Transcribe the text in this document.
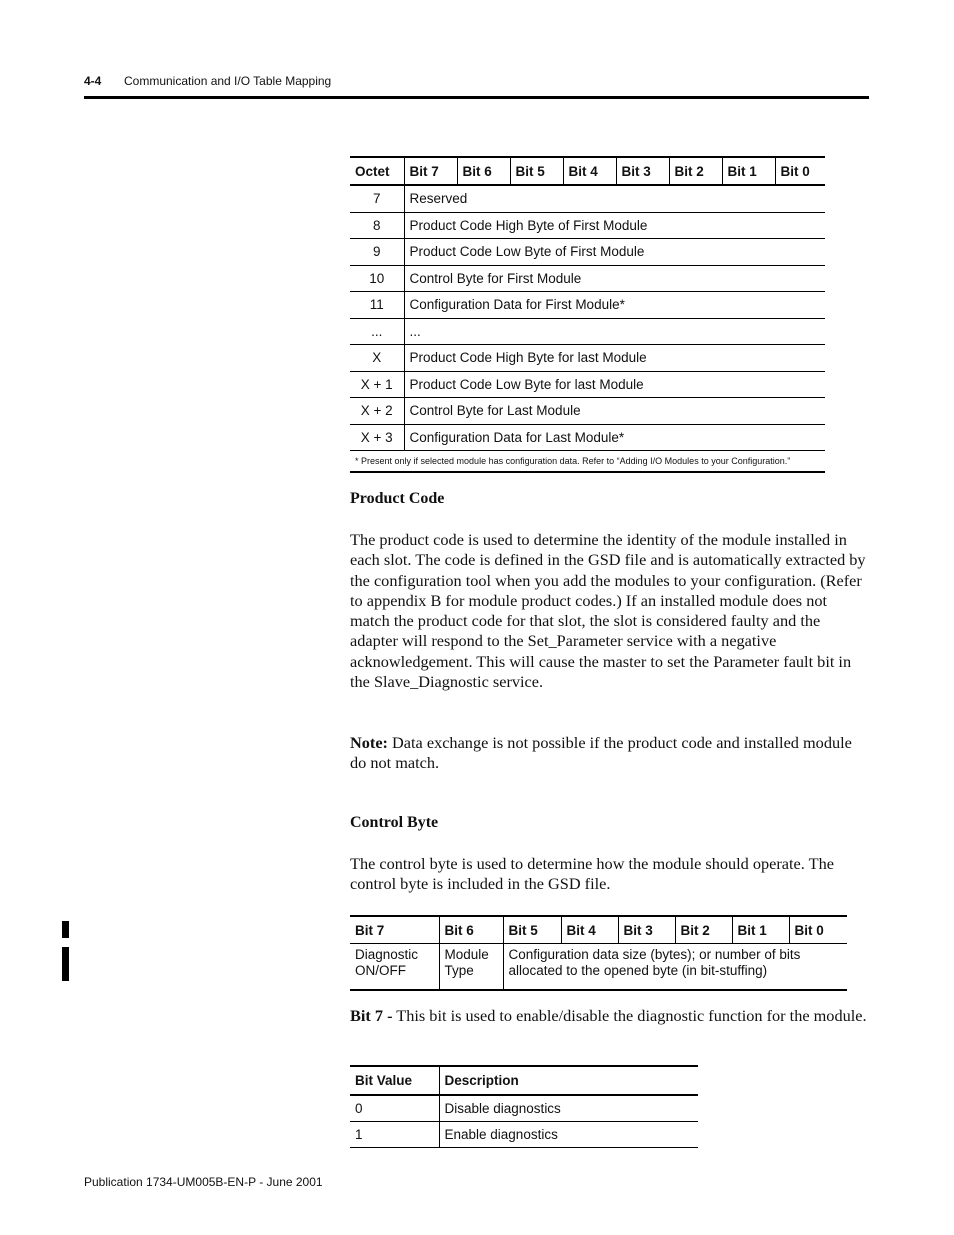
4-4 Communication and I/O Table Mapping
Octet	Bit 7	Bit 6	Bit 5	Bit 4	Bit 3	Bit 2	Bit 1	Bit 0
7	Reserved							
8	Product Code High Byte of First Module							
9	Product Code Low Byte of First Module							
10	Control Byte for First Module							
11	Configuration Data for First Module*							
...	...							
X	Product Code High Byte for last Module							
X + 1	Product Code Low Byte for last Module							
X + 2	Control Byte for Last Module							
X + 3	Configuration Data for Last Module*							
* Present only if selected module has configuration data. Refer to “Adding I/O Modules to your Configuration.”								
Product Code

The product code is used to determine the identity of the module installed in each slot. The code is defined in the GSD file and is automatically extracted by the configuration tool when you add the modules to your configuration. (Refer to appendix B for module product codes.) If an installed module does not match the product code for that slot, the slot is considered faulty and the adapter will respond to the Set_Parameter service with a negative acknowledgement. This will cause the master to set the Parameter fault bit in the Slave_Diagnostic service.

Note: Data exchange is not possible if the product code and installed module do not match.

Control Byte

The control byte is used to determine how the module should operate. The control byte is included in the GSD file.

Bit 7	Bit 6	Bit 5	Bit 4	Bit 3	Bit 2	Bit 1	Bit 0
Diagnostic ON/OFF	Module Type	Configuration data size (bytes); or number of bits allocated to the opened byte (in bit-stuffing)					

Bit 7 - This bit is used to enable/disable the diagnostic function for the module.

Bit Value	Description
0	Disable diagnostics
1	Enable diagnostics
Publication 1734-UM005B-EN-P - June 2001
